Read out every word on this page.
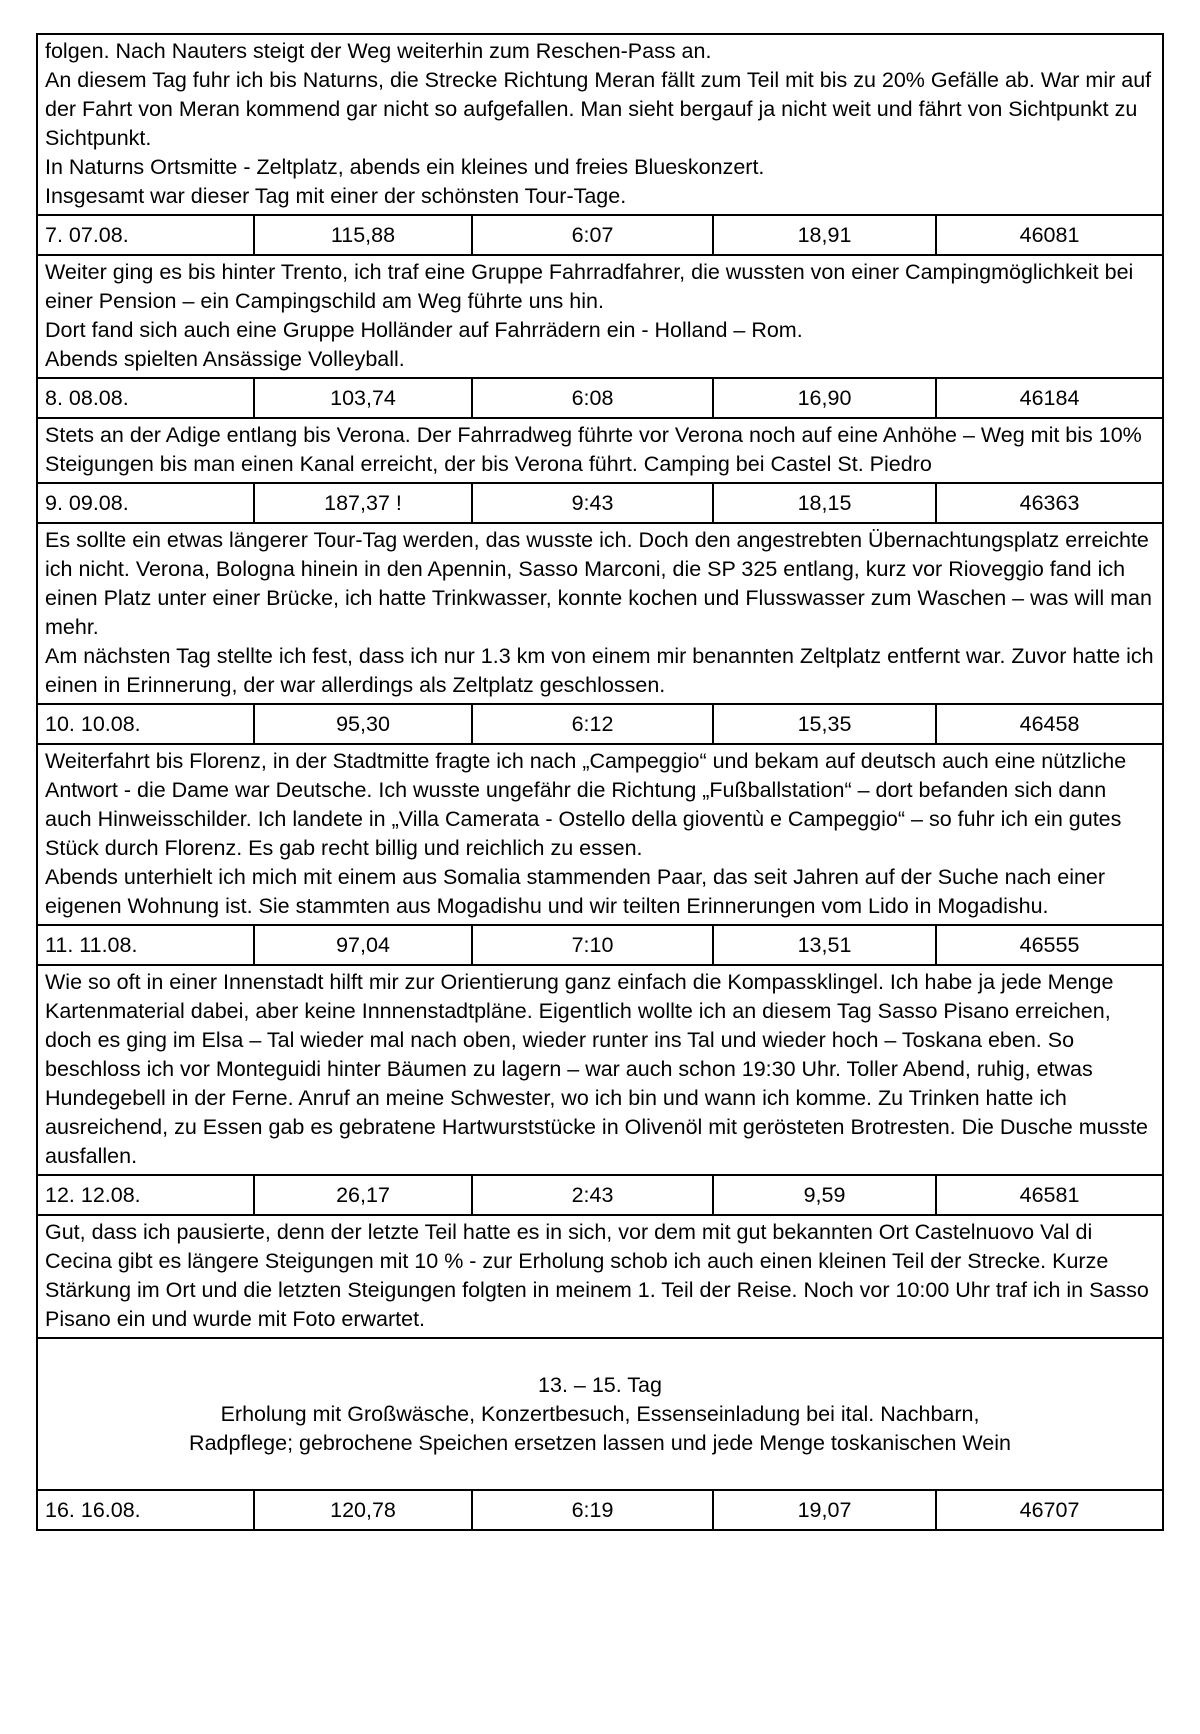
folgen. Nach Nauters steigt der Weg weiterhin zum Reschen-Pass an.

An diesem Tag fuhr ich bis Naturns, die Strecke Richtung Meran fällt zum Teil mit bis zu 20% Gefälle ab. War mir auf der Fahrt von Meran kommend gar nicht so aufgefallen. Man sieht bergauf ja nicht weit und fährt von Sichtpunkt zu Sichtpunkt.

In Naturns Ortsmitte - Zeltplatz, abends ein kleines und freies Blueskonzert.

Insgesamt war dieser Tag mit einer der schönsten Tour-Tage.				

7. 07.08.	115,88	6:07	18,91	46081

Weiter ging es bis hinter Trento, ich traf eine Gruppe Fahrradfahrer, die wussten von einer Campingmöglichkeit bei einer Pension – ein Campingschild am Weg führte uns hin.

Dort fand sich auch eine Gruppe Holländer auf Fahrrädern ein - Holland – Rom.

Abends spielten Ansässige Volleyball.				

8. 08.08.	103,74	6:08	16,90	46184

Stets an der Adige entlang bis Verona. Der Fahrradweg führte vor Verona noch auf eine Anhöhe – Weg mit bis 10% Steigungen bis man einen Kanal erreicht, der bis Verona führt. Camping bei Castel St. Piedro				

9. 09.08.	187,37 !	9:43	18,15	46363

Es sollte ein etwas längerer Tour-Tag werden, das wusste ich. Doch den angestrebten Übernachtungsplatz erreichte ich nicht. Verona, Bologna hinein in den Apennin, Sasso Marconi, die SP 325 entlang, kurz vor Rioveggio fand ich einen Platz unter einer Brücke, ich hatte Trinkwasser, konnte kochen und Flusswasser zum Waschen – was will man mehr.

Am nächsten Tag stellte ich fest, dass ich nur 1.3 km von einem mir benannten Zeltplatz entfernt war. Zuvor hatte ich einen in Erinnerung, der war allerdings als Zeltplatz geschlossen.				

10. 10.08.	95,30	6:12	15,35	46458

Weiterfahrt bis Florenz, in der Stadtmitte fragte ich nach „Campeggio“ und bekam auf deutsch auch eine nützliche Antwort - die Dame war Deutsche. Ich wusste ungefähr die Richtung „Fußballstation“ – dort befanden sich dann auch Hinweisschilder. Ich landete in „Villa Camerata - Ostello della gioventù e Campeggio“ – so fuhr ich ein gutes Stück durch Florenz. Es gab recht billig und reichlich zu essen.

Abends unterhielt ich mich mit einem aus Somalia stammenden Paar, das seit Jahren auf der Suche nach einer eigenen Wohnung ist. Sie stammten aus Mogadishu und wir teilten Erinnerungen vom Lido in Mogadishu.				

11. 11.08.	97,04	7:10	13,51	46555

Wie so oft in einer Innenstadt hilft mir zur Orientierung ganz einfach die Kompassklingel. Ich habe ja jede Menge Kartenmaterial dabei, aber keine Innnenstadtpläne. Eigentlich wollte ich an diesem Tag Sasso Pisano erreichen, doch es ging im Elsa – Tal wieder mal nach oben, wieder runter ins Tal und wieder hoch – Toskana eben. So beschloss ich vor Monteguidi hinter Bäumen zu lagern – war auch schon 19:30 Uhr. Toller Abend, ruhig, etwas Hundegebell in der Ferne. Anruf an meine Schwester, wo ich bin und wann ich komme. Zu Trinken hatte ich ausreichend, zu Essen gab es gebratene Hartwurststücke in Olivenöl mit gerösteten Brotresten. Die Dusche musste ausfallen.				

12. 12.08.	26,17	2:43	9,59	46581

Gut, dass ich pausierte, denn der letzte Teil hatte es in sich, vor dem mit gut bekannten Ort Castelnuovo Val di Cecina gibt es längere Steigungen mit 10 % - zur Erholung schob ich auch einen kleinen Teil der Strecke. Kurze Stärkung im Ort und die letzten Steigungen folgten in meinem 1. Teil der Reise. Noch vor 10:00 Uhr traf ich in Sasso Pisano ein und wurde mit Foto erwartet.				

13. – 15. Tag

Erholung mit Großwäsche, Konzertbesuch, Essenseinladung bei ital. Nachbarn,

Radpflege; gebrochene Speichen ersetzen lassen und jede Menge toskanischen Wein				

16. 16.08.	120,78	6:19	19,07	46707
